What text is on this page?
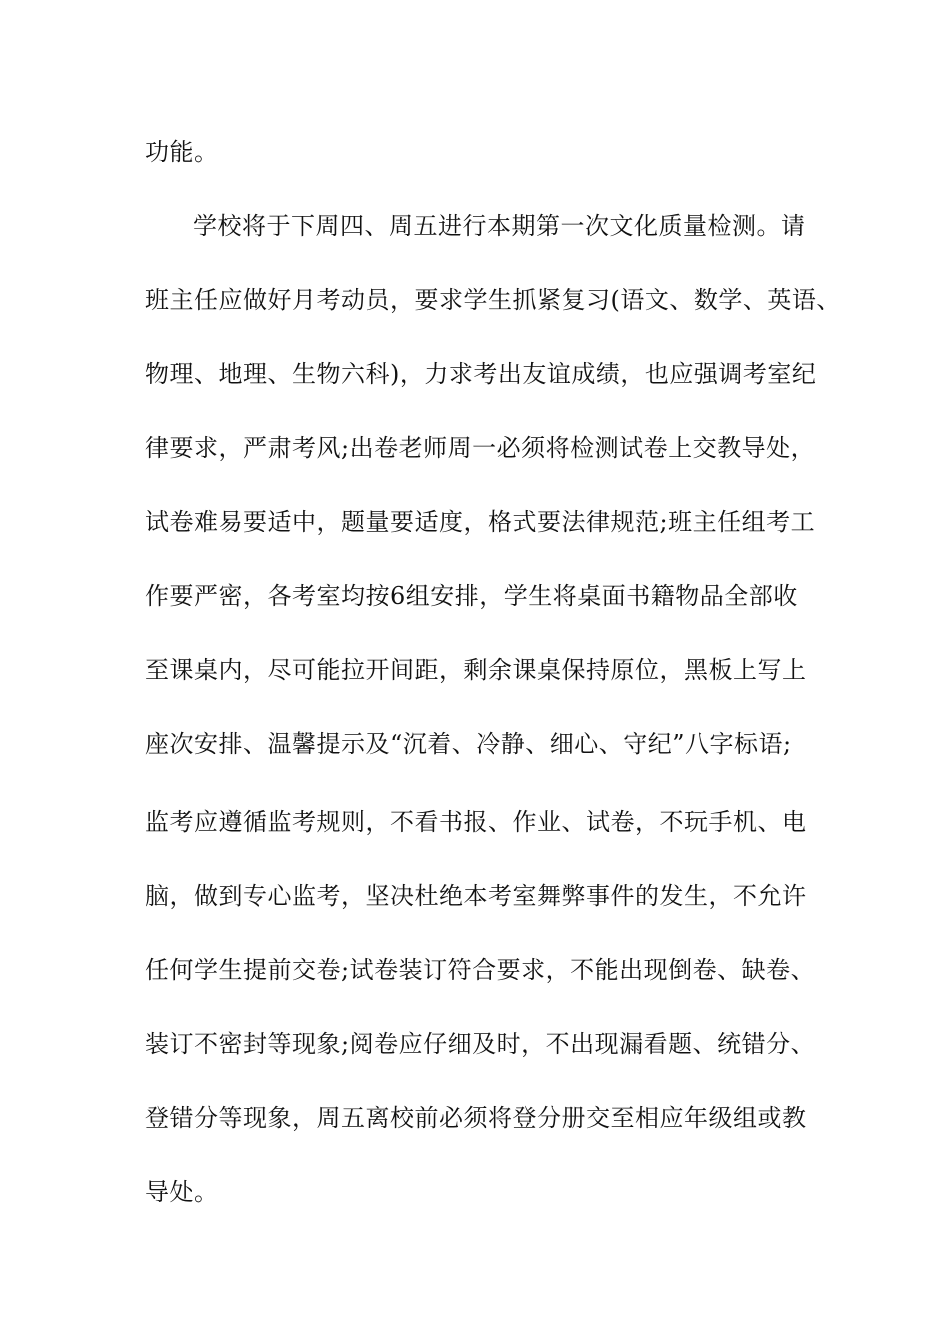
功能。
学校将于下周四、周五进行本期第一次文化质量检测。请
班主任应做好月考动员，要求学生抓紧复习(语文、数学、英语、
物理、地理、生物六科)，力求考出友谊成绩，也应强调考室纪
律要求，严肃考风;出卷老师周一必须将检测试卷上交教导处，
试卷难易要适中，题量要适度，格式要法律规范;班主任组考工
作要严密，各考室均按6组安排，学生将桌面书籍物品全部收
至课桌内，尽可能拉开间距，剩余课桌保持原位，黑板上写上
座次安排、温馨提示及“沉着、冷静、细心、守纪”八字标语;
监考应遵循监考规则，不看书报、作业、试卷，不玩手机、电
脑，做到专心监考，坚决杜绝本考室舞弊事件的发生，不允许
任何学生提前交卷;试卷装订符合要求，不能出现倒卷、缺卷、
装订不密封等现象;阅卷应仔细及时，不出现漏看题、统错分、
登错分等现象，周五离校前必须将登分册交至相应年级组或教
导处。
